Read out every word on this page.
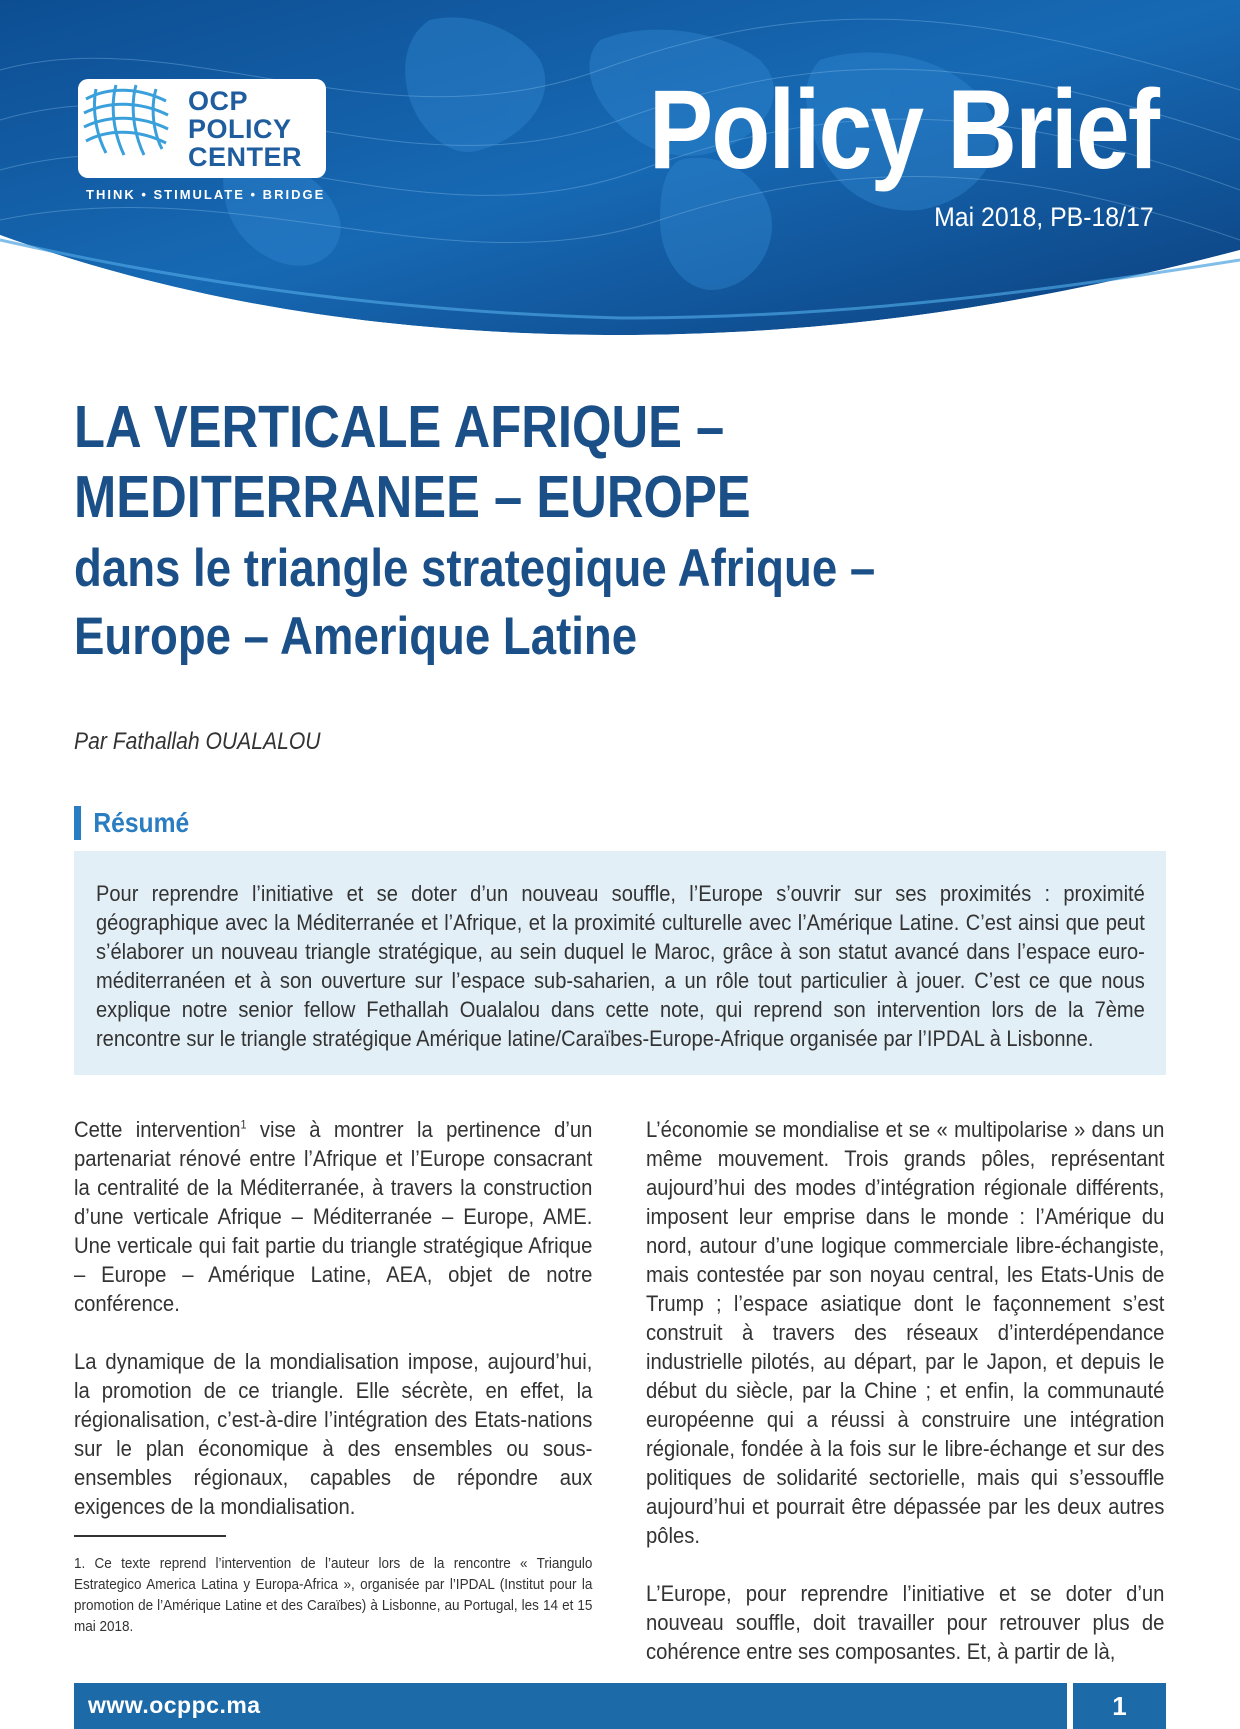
OCP
POLICY
CENTER
THINK • STIMULATE • BRIDGE
Policy Brief
Mai 2018, PB-18/17
LA VERTICALE AFRIQUE –
MEDITERRANEE – EUROPE
dans le triangle strategique Afrique –
Europe – Amerique Latine
Par Fathallah OUALALOU
Résumé
Pour reprendre l’initiative et se doter d’un nouveau souffle, l’Europe s’ouvrir sur ses proximités : proximité géographique avec la Méditerranée et l’Afrique, et la proximité culturelle avec l’Amérique Latine. C’est ainsi que peut s’élaborer un nouveau triangle stratégique, au sein duquel le Maroc, grâce à son statut avancé dans l’espace euro-méditerranéen et à son ouverture sur l’espace sub-saharien, a un rôle tout particulier à jouer. C’est ce que nous explique notre senior fellow Fethallah Oualalou dans cette note, qui reprend son intervention lors de la 7ème rencontre sur le triangle stratégique Amérique latine/Caraïbes-Europe-Afrique organisée par l’IPDAL à Lisbonne.

Cette intervention$^1$ vise à montrer la pertinence d’un partenariat rénové entre l’Afrique et l’Europe consacrant la centralité de la Méditerranée, à travers la construction d’une verticale Afrique – Méditerranée – Europe, AME. Une verticale qui fait partie du triangle stratégique Afrique – Europe – Amérique Latine, AEA, objet de notre conférence.

La dynamique de la mondialisation impose, aujourd’hui, la promotion de ce triangle. Elle sécrète, en effet, la régionalisation, c’est-à-dire l’intégration des Etats-nations sur le plan économique à des ensembles ou sous-ensembles régionaux, capables de répondre aux exigences de la mondialisation.

1. Ce texte reprend l’intervention de l’auteur lors de la rencontre « Triangulo Estrategico America Latina y Europa-Africa », organisée par l’IPDAL (Institut pour la promotion de l’Amérique Latine et des Caraïbes) à Lisbonne, au Portugal, les 14 et 15 mai 2018.

L’économie se mondialise et se « multipolarise » dans un même mouvement. Trois grands pôles, représentant aujourd’hui des modes d’intégration régionale différents, imposent leur emprise dans le monde : l’Amérique du nord, autour d’une logique commerciale libre-échangiste, mais contestée par son noyau central, les Etats-Unis de Trump ; l’espace asiatique dont le façonnement s’est construit à travers des réseaux d’interdépendance industrielle pilotés, au départ, par le Japon, et depuis le début du siècle, par la Chine ; et enfin, la communauté européenne qui a réussi à construire une intégration régionale, fondée à la fois sur le libre-échange et sur des politiques de solidarité sectorielle, mais qui s’essouffle aujourd’hui et pourrait être dépassée par les deux autres pôles.

L’Europe, pour reprendre l’initiative et se doter d’un nouveau souffle, doit travailler pour retrouver plus de cohérence entre ses composantes. Et, à partir de là,

www.ocppc.ma	1
